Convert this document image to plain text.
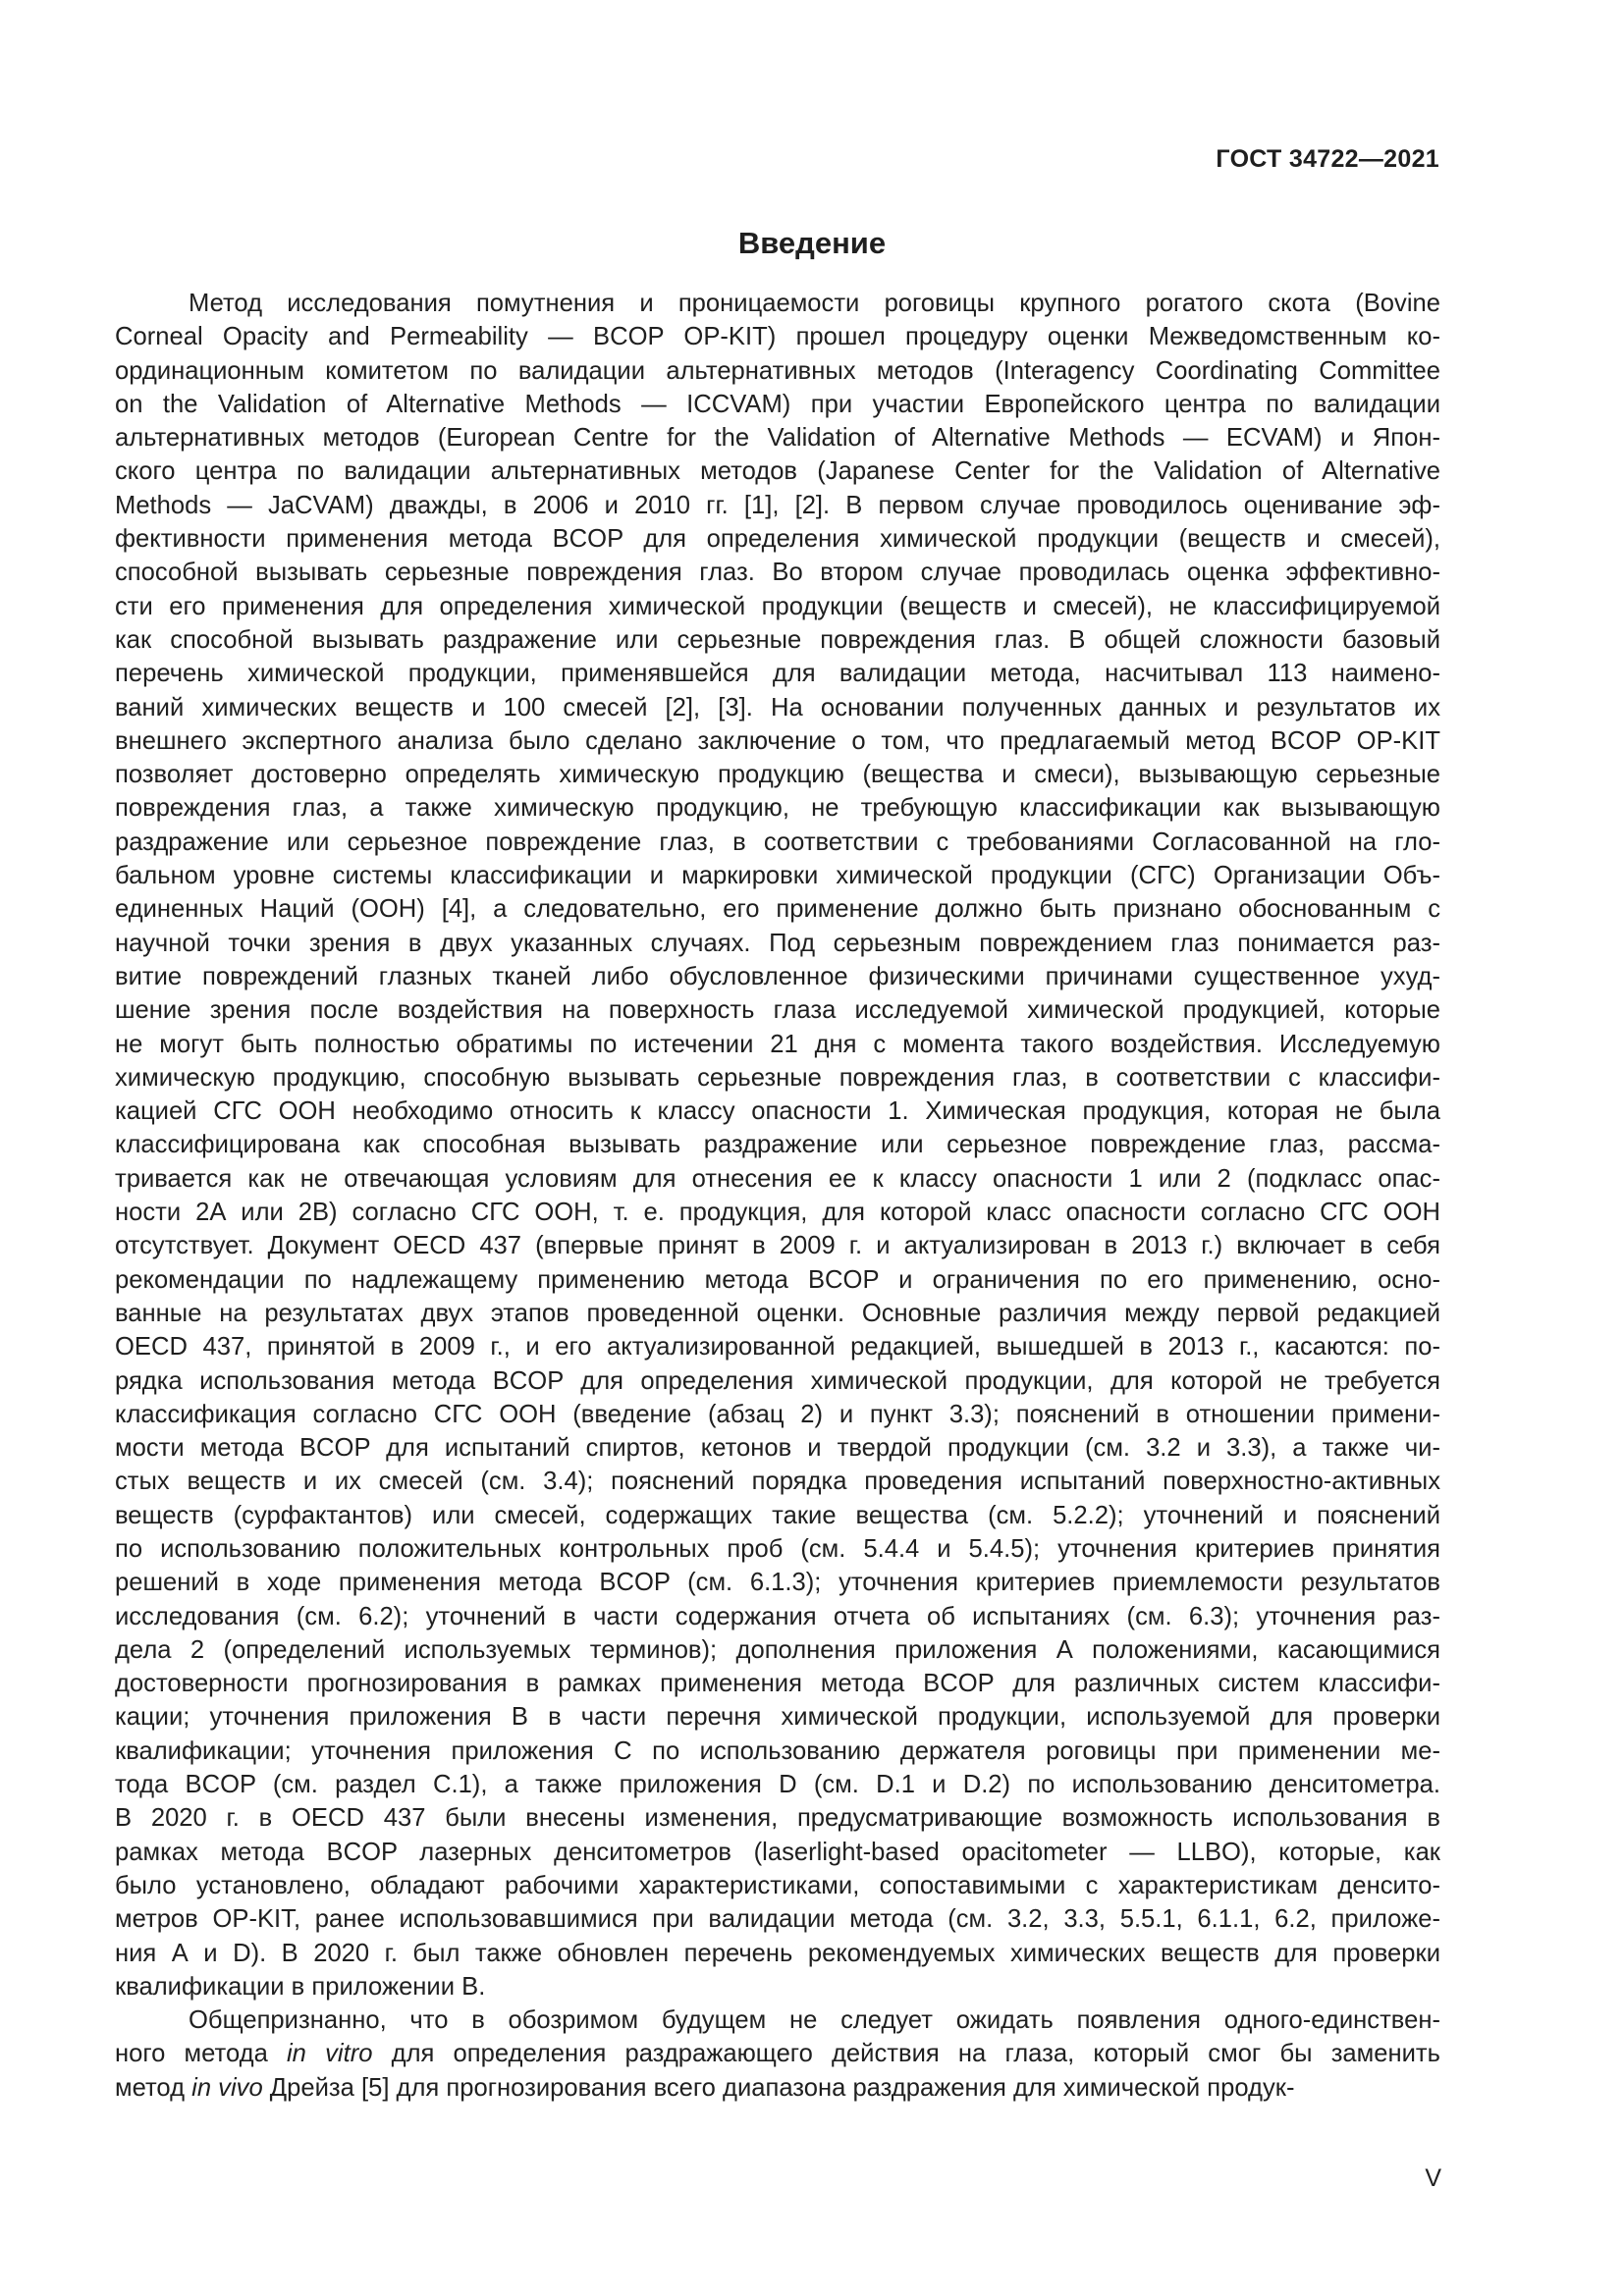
ГОСТ 34722—2021
Введение
Метод исследования помутнения и проницаемости роговицы крупного рогатого скота (Bovine
Corneal Opacity and Permeability — BCOP OP-KIT) прошел процедуру оценки Межведомственным ко-
ординационным комитетом по валидации альтернативных методов (Interagency Coordinating Committee
on the Validation of Alternative Methods — ICCVAM) при участии Европейского центра по валидации
альтернативных методов (European Centre for the Validation of Alternative Methods — ECVAM) и Япон-
ского центра по валидации альтернативных методов (Japanese Center for the Validation of Alternative
Methods — JaCVAM) дважды, в 2006 и 2010 гг. [1], [2]. В первом случае проводилось оценивание эф-
фективности применения метода BCOP для определения химической продукции (веществ и смесей),
способной вызывать серьезные повреждения глаз. Во втором случае проводилась оценка эффективно-
сти его применения для определения химической продукции (веществ и смесей), не классифицируемой
как способной вызывать раздражение или серьезные повреждения глаз. В общей сложности базовый
перечень химической продукции, применявшейся для валидации метода, насчитывал 113 наимено-
ваний химических веществ и 100 смесей [2], [3]. На основании полученных данных и результатов их
внешнего экспертного анализа было сделано заключение о том, что предлагаемый метод BCOP OP-KIT
позволяет достоверно определять химическую продукцию (вещества и смеси), вызывающую серьезные
повреждения глаз, а также химическую продукцию, не требующую классификации как вызывающую
раздражение или серьезное повреждение глаз, в соответствии с требованиями Согласованной на гло-
бальном уровне системы классификации и маркировки химической продукции (СГС) Организации Объ-
единенных Наций (ООН) [4], а следовательно, его применение должно быть признано обоснованным с
научной точки зрения в двух указанных случаях. Под серьезным повреждением глаз понимается раз-
витие повреждений глазных тканей либо обусловленное физическими причинами существенное ухуд-
шение зрения после воздействия на поверхность глаза исследуемой химической продукцией, которые
не могут быть полностью обратимы по истечении 21 дня с момента такого воздействия. Исследуемую
химическую продукцию, способную вызывать серьезные повреждения глаз, в соответствии с классифи-
кацией СГС ООН необходимо относить к классу опасности 1. Химическая продукция, которая не была
классифицирована как способная вызывать раздражение или серьезное повреждение глаз, рассма-
тривается как не отвечающая условиям для отнесения ее к классу опасности 1 или 2 (подкласс опас-
ности 2А или 2В) согласно СГС ООН, т. е. продукция, для которой класс опасности согласно СГС ООН
отсутствует. Документ OECD 437 (впервые принят в 2009 г. и актуализирован в 2013 г.) включает в себя
рекомендации по надлежащему применению метода BCOP и ограничения по его применению, осно-
ванные на результатах двух этапов проведенной оценки. Основные различия между первой редакцией
OECD 437, принятой в 2009 г., и его актуализированной редакцией, вышедшей в 2013 г., касаются: по-
рядка использования метода BCOP для определения химической продукции, для которой не требуется
классификация согласно СГС ООН (введение (абзац 2) и пункт 3.3); пояснений в отношении примени-
мости метода BCOP для испытаний спиртов, кетонов и твердой продукции (см. 3.2 и 3.3), а также чи-
стых веществ и их смесей (см. 3.4); пояснений порядка проведения испытаний поверхностно-активных
веществ (сурфактантов) или смесей, содержащих такие вещества (см. 5.2.2); уточнений и пояснений
по использованию положительных контрольных проб (см. 5.4.4 и 5.4.5); уточнения критериев принятия
решений в ходе применения метода BCOP (см. 6.1.3); уточнения критериев приемлемости результатов
исследования (см. 6.2); уточнений в части содержания отчета об испытаниях (см. 6.3); уточнения раз-
дела 2 (определений используемых терминов); дополнения приложения А положениями, касающимися
достоверности прогнозирования в рамках применения метода BCOP для различных систем классифи-
кации; уточнения приложения В в части перечня химической продукции, используемой для проверки
квалификации; уточнения приложения С по использованию держателя роговицы при применении ме-
тода BCOP (см. раздел С.1), а также приложения D (см. D.1 и D.2) по использованию денситометра.
В 2020 г. в OECD 437 были внесены изменения, предусматривающие возможность использования в
рамках метода BCOP лазерных денситометров (laserlight-based opacitometer — LLBO), которые, как
было установлено, обладают рабочими характеристиками, сопоставимыми с характеристикам денсито-
метров OP-KIT, ранее использовавшимися при валидации метода (см. 3.2, 3.3, 5.5.1, 6.1.1, 6.2, приложе-
ния А и D). В 2020 г. был также обновлен перечень рекомендуемых химических веществ для проверки
квалификации в приложении В.
Общепризнанно, что в обозримом будущем не следует ожидать появления одного-единствен-
ного метода in vitro для определения раздражающего действия на глаза, который смог бы заменить
метод in vivo Дрейза [5] для прогнозирования всего диапазона раздражения для химической продук-
V
